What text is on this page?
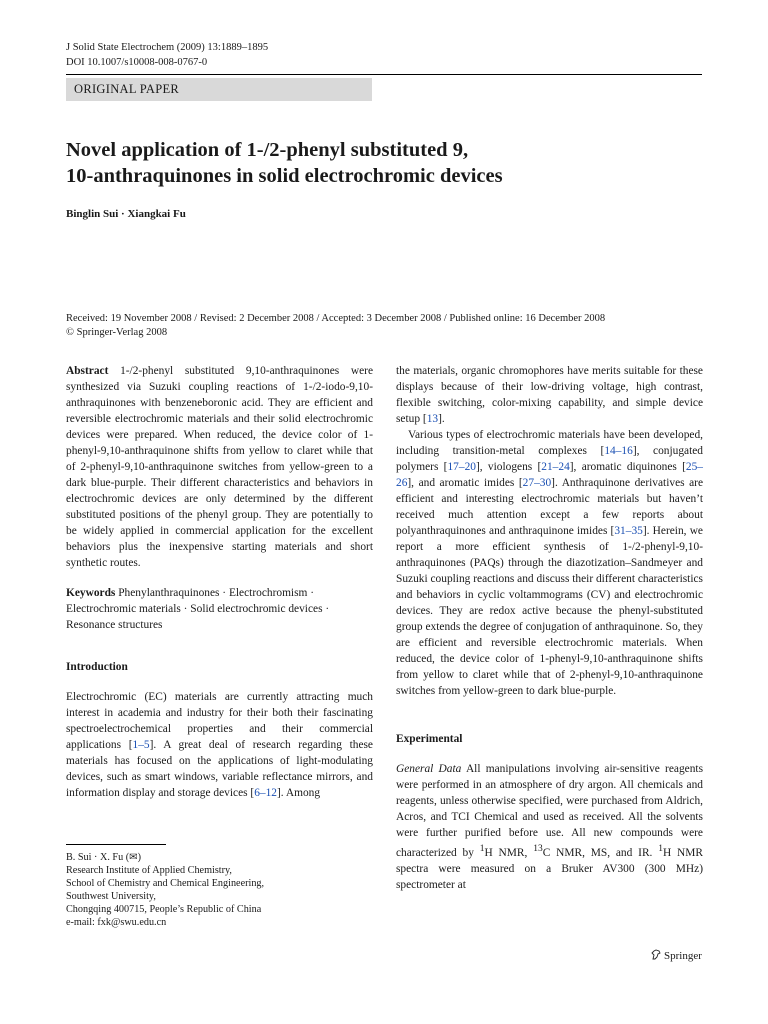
J Solid State Electrochem (2009) 13:1889–1895
DOI 10.1007/s10008-008-0767-0
ORIGINAL PAPER
Novel application of 1-/2-phenyl substituted 9,
10-anthraquinones in solid electrochromic devices
Binglin Sui · Xiangkai Fu
Received: 19 November 2008 / Revised: 2 December 2008 / Accepted: 3 December 2008 / Published online: 16 December 2008
© Springer-Verlag 2008

Abstract 1-/2-phenyl substituted 9,10-anthraquinones were synthesized via Suzuki coupling reactions of 1-/2-iodo-9,10-anthraquinones with benzeneboronic acid. They are efficient and reversible electrochromic materials and their solid electrochromic devices were prepared. When reduced, the device color of 1-phenyl-9,10-anthraquinone shifts from yellow to claret while that of 2-phenyl-9,10-anthraquinone switches from yellow-green to a dark blue-purple. Their different characteristics and behaviors in electrochromic devices are only determined by the different substituted positions of the phenyl group. They are potentially to be widely applied in commercial application for the excellent behaviors plus the inexpensive starting materials and short synthetic routes.

Keywords Phenylanthraquinones · Electrochromism · Electrochromic materials · Solid electrochromic devices · Resonance structures

Introduction

Electrochromic (EC) materials are currently attracting much interest in academia and industry for their both their fascinating spectroelectrochemical properties and their commercial applications [1–5]. A great deal of research regarding these materials has focused on the applications of light-modulating devices, such as smart windows, variable reflectance mirrors, and information display and storage devices [6–12]. Among

B. Sui · X. Fu (✉)
Research Institute of Applied Chemistry,
School of Chemistry and Chemical Engineering,
Southwest University,
Chongqing 400715, People’s Republic of China
e-mail: fxk@swu.edu.cn

the materials, organic chromophores have merits suitable for these displays because of their low-driving voltage, high contrast, flexible switching, color-mixing capability, and simple device setup [13].

Various types of electrochromic materials have been developed, including transition-metal complexes [14–16], conjugated polymers [17–20], viologens [21–24], aromatic diquinones [25–26], and aromatic imides [27–30]. Anthraquinone derivatives are efficient and interesting electrochromic materials but haven’t received much attention except a few reports about polyanthraquinones and anthraquinone imides [31–35]. Herein, we report a more efficient synthesis of 1-/2-phenyl-9,10-anthraquinones (PAQs) through the diazotization–Sandmeyer and Suzuki coupling reactions and discuss their different characteristics and behaviors in cyclic voltammograms (CV) and electrochromic devices. They are redox active because the phenyl-substituted group extends the degree of conjugation of anthraquinone. So, they are efficient and reversible electrochromic materials. When reduced, the device color of 1-phenyl-9,10-anthraquinone shifts from yellow to claret while that of 2-phenyl-9,10-anthraquinone switches from yellow-green to dark blue-purple.

Experimental

General Data All manipulations involving air-sensitive reagents were performed in an atmosphere of dry argon. All chemicals and reagents, unless otherwise specified, were purchased from Aldrich, Acros, and TCI Chemical and used as received. All the solvents were further purified before use. All new compounds were characterized by $^1$H NMR, $^{13}$C NMR, MS, and IR. $^1$H NMR spectra were measured on a Bruker AV300 (300 MHz) spectrometer at

Springer
